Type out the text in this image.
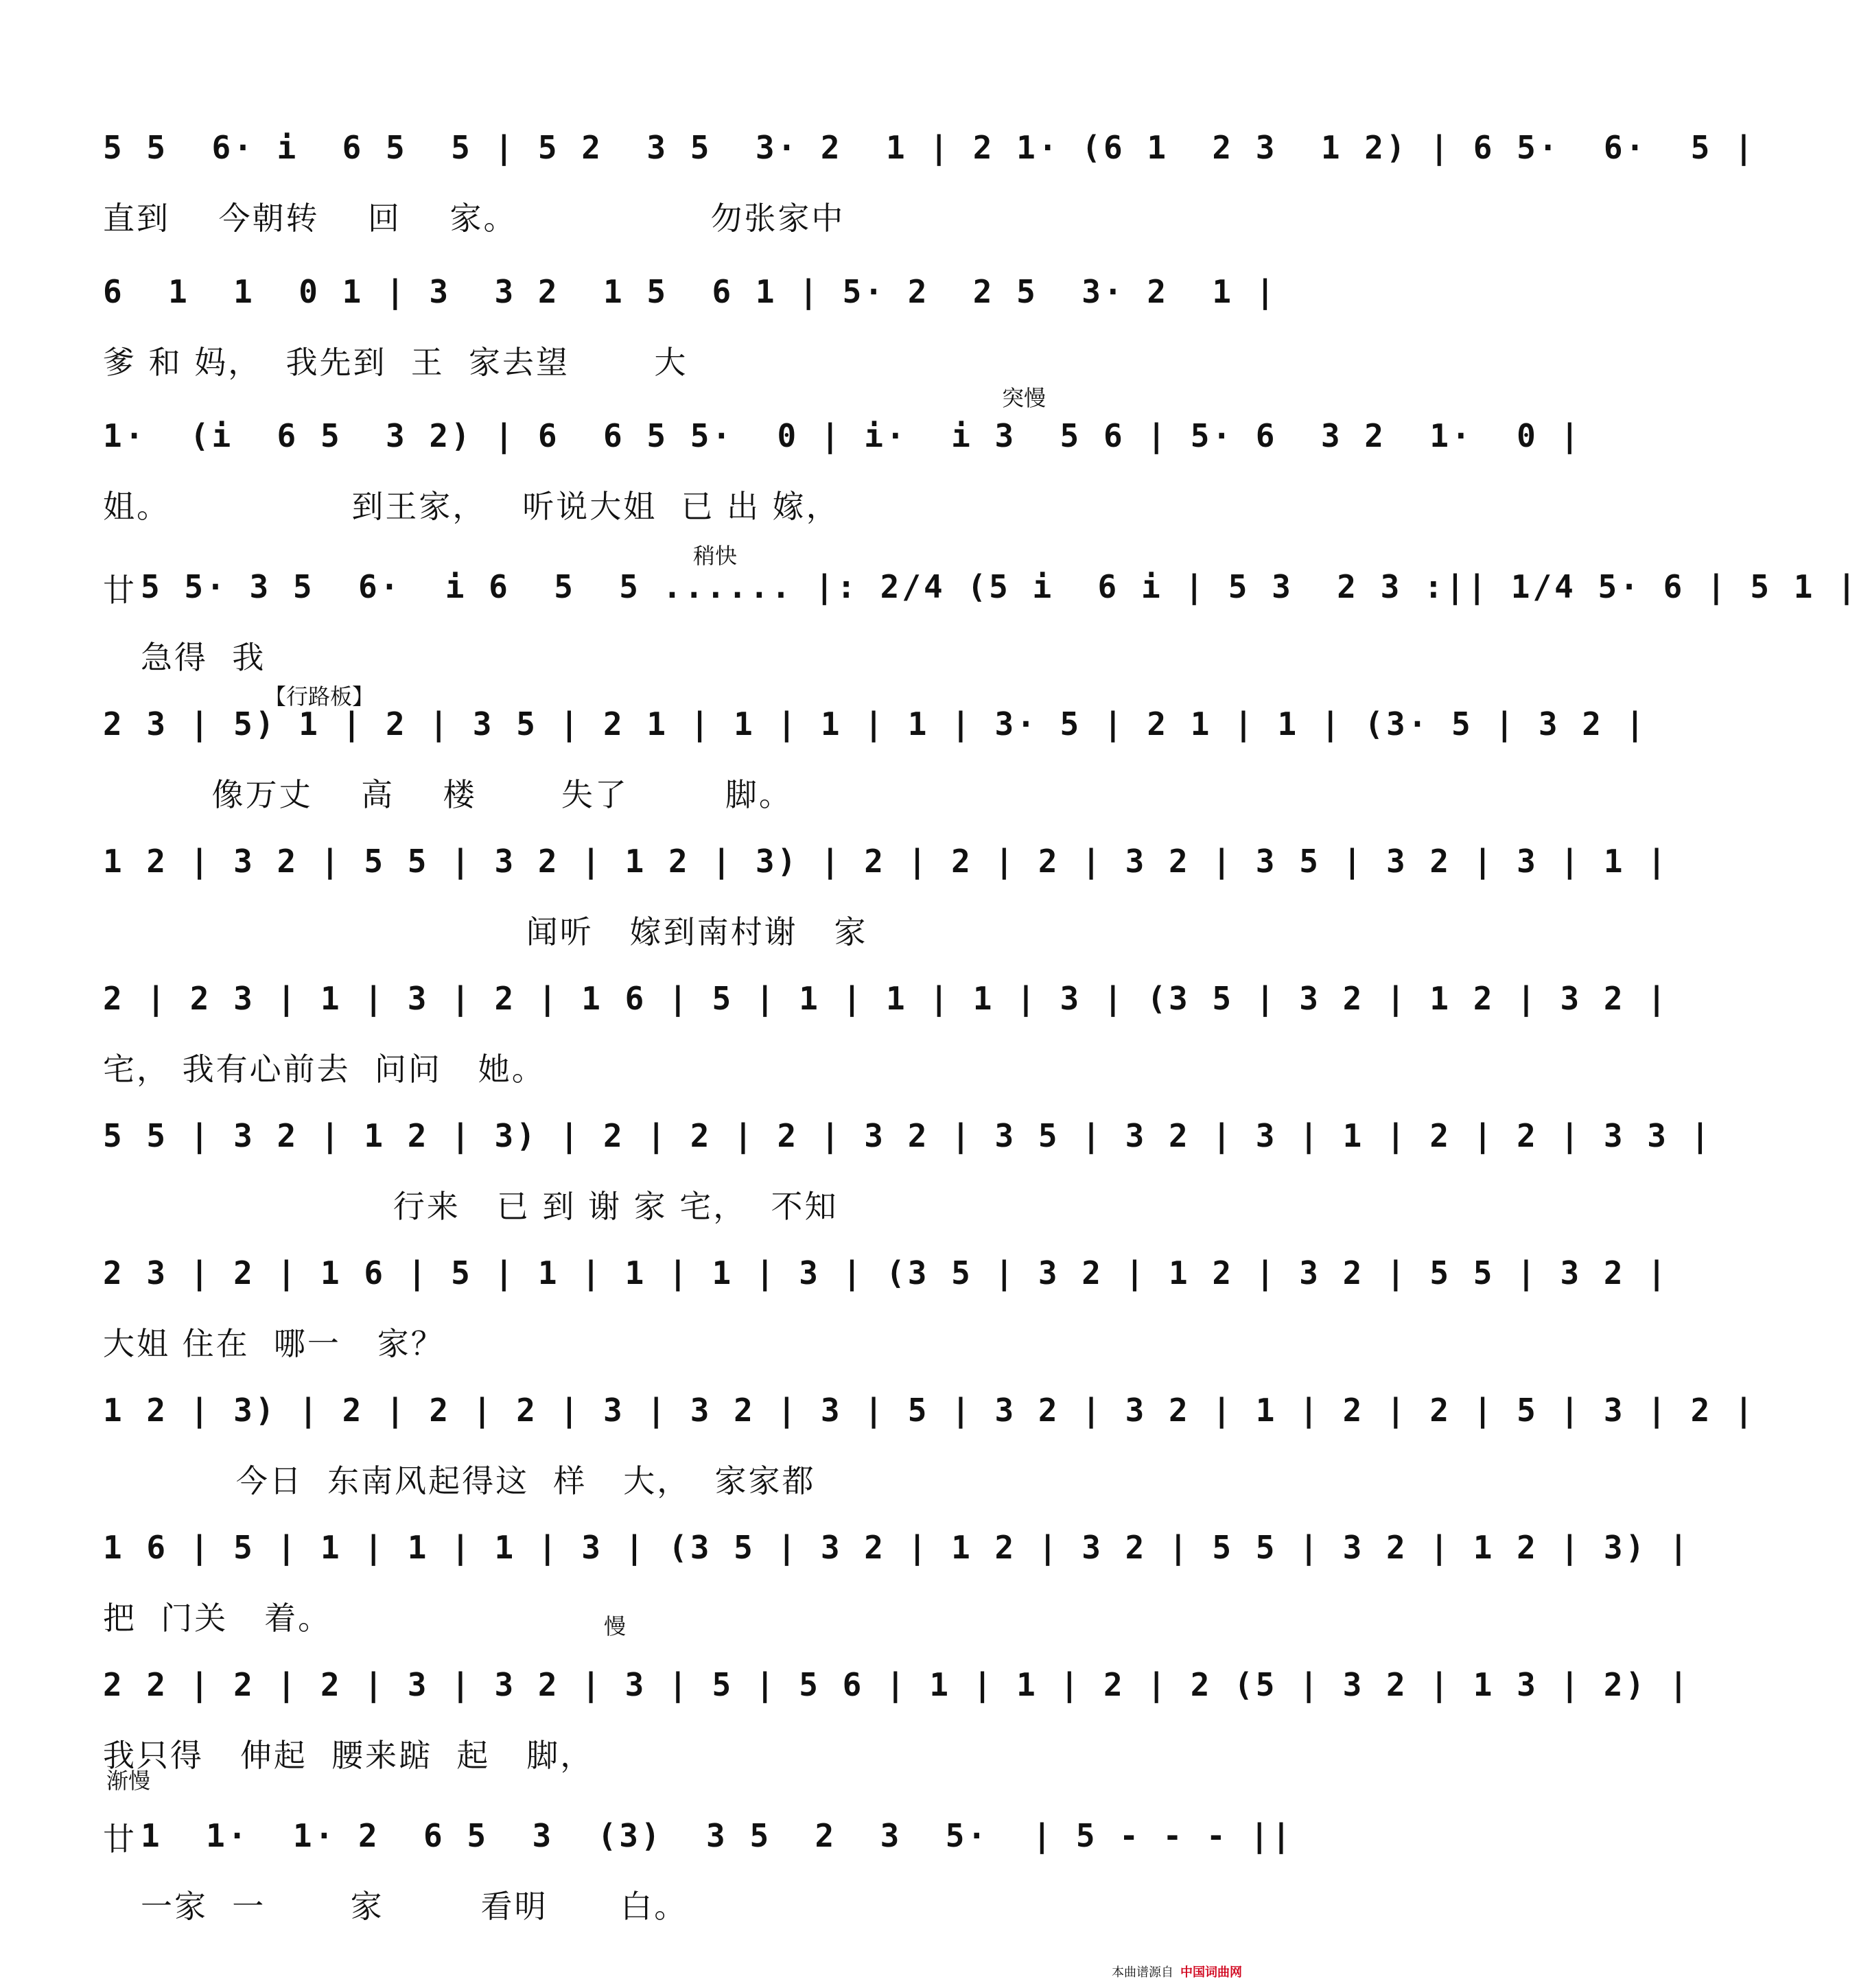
5 5  6· i  6 5  5 | 5 2  3 5  3· 2  1 | 2 1· (6 1  2 3  1 2) | 6 5·  6·  5 |
直到    今朝转    回    家。                勿张家中
6  1  1  0 1 | 3  3 2  1 5  6 1 | 5· 2  2 5  3· 2  1 |
爹 和 妈，  我先到  王  家去望       大
1·  (i  6 5  3 2) | 6  6 5 5·  0 | i·  i 3  5 6 | 5· 6  3 2  1·  0 |
姐。               到王家，   听说大姐  已 出 嫁，
廿 5 5· 3 5  6·  i 6  5  5 ...... |: 2/4 (5 i  6 i | 5 3  2 3 :|| 1/4 5· 6 | 5 1 |
急得  我
2 3 | 5) 1 | 2 | 3 5 | 2 1 | 1 | 1 | 1 | 3· 5 | 2 1 | 1 | (3· 5 | 3 2 |
像万丈    高    楼       失了        脚。
1 2 | 3 2 | 5 5 | 3 2 | 1 2 | 3) | 2 | 2 | 2 | 3 2 | 3 5 | 3 2 | 3 | 1 |
闻听   嫁到南村谢   家
2 | 2 3 | 1 | 3 | 2 | 1 6 | 5 | 1 | 1 | 1 | 3 | (3 5 | 3 2 | 1 2 | 3 2 |
宅， 我有心前去  问问   她。
5 5 | 3 2 | 1 2 | 3) | 2 | 2 | 2 | 3 2 | 3 5 | 3 2 | 3 | 1 | 2 | 2 | 3 3 |
行来   已 到 谢 家 宅，  不知
2 3 | 2 | 1 6 | 5 | 1 | 1 | 1 | 3 | (3 5 | 3 2 | 1 2 | 3 2 | 5 5 | 3 2 |
大姐 住在  哪一   家？
1 2 | 3) | 2 | 2 | 2 | 3 | 3 2 | 3 | 5 | 3 2 | 3 2 | 1 | 2 | 2 | 5 | 3 | 2 |
今日  东南风起得这  样   大，  家家都
1 6 | 5 | 1 | 1 | 1 | 3 | (3 5 | 3 2 | 1 2 | 3 2 | 5 5 | 3 2 | 1 2 | 3) |
把  门关   着。
2 2 | 2 | 2 | 3 | 3 2 | 3 | 5 | 5 6 | 1 | 1 | 2 | 2 (5 | 3 2 | 1 3 | 2) |
我只得   伸起  腰来踮  起   脚，
廿 1  1·  1· 2  6 5  3  (3)  3 5  2  3  5·  | 5 - - - ||
一家  一       家        看明      白。
突慢
稍快
【行路板】
慢
渐慢
本曲谱源自 中国词曲网
